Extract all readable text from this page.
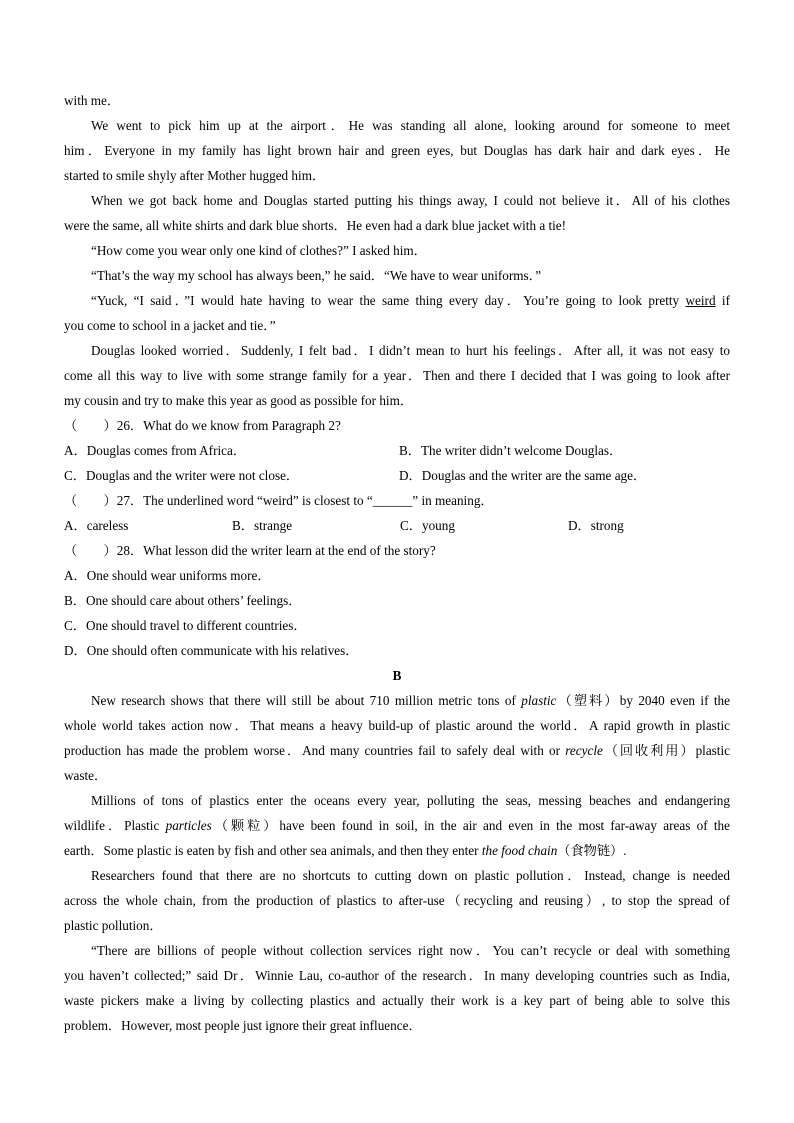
with me．
We went to pick him up at the airport．He was standing all alone, looking around for someone to meet
him．Everyone in my family has light brown hair and green eyes, but Douglas has dark hair and dark eyes．He
started to smile shyly after Mother hugged him．
When we got back home and Douglas started putting his things away, I could not believe it．All of his clothes
were the same, all white shirts and dark blue shorts．He even had a dark blue jacket with a tie!
“How come you wear only one kind of clothes?” I asked him．
“That’s the way my school has always been,” he said．“We have to wear uniforms．”
“Yuck, “I said．”I would hate having to wear the same thing every day．You’re going to look pretty weird if
you come to school in a jacket and tie．”
Douglas looked worried．Suddenly, I felt bad．I didn’t mean to hurt his feelings．After all, it was not easy to
come all this way to live with some strange family for a year．Then and there I decided that I was going to look after
my cousin and try to make this year as good as possible for him．
（　　）26．What do we know from Paragraph 2?
A．Douglas comes from Africa．	B．The writer didn’t welcome Douglas．
C．Douglas and the writer were not close．	D．Douglas and the writer are the same age．
（　　）27．The underlined word “weird” is closest to “______” in meaning．
A．careless	B．strange	C．young	D．strong
（　　）28．What lesson did the writer learn at the end of the story?
A．One should wear uniforms more．
B．One should care about others’ feelings．
C．One should travel to different countries．
D．One should often communicate with his relatives．
B
New research shows that there will still be about 710 million metric tons of plastic（塑料）by 2040 even if the
whole world takes action now．That means a heavy build-up of plastic around the world．A rapid growth in plastic
production has made the problem worse．And many countries fail to safely deal with or recycle（回收利用）plastic
waste．
Millions of tons of plastics enter the oceans every year, polluting the seas, messing beaches and endangering
wildlife．Plastic particles（颗粒）have been found in soil, in the air and even in the most far-away areas of the
earth．Some plastic is eaten by fish and other sea animals, and then they enter the food chain（食物链）.
Researchers found that there are no shortcuts to cutting down on plastic pollution．Instead, change is needed
across the whole chain, from the production of plastics to after-use（recycling and reusing）, to stop the spread of
plastic pollution．
“There are billions of people without collection services right now．You can’t recycle or deal with something
you haven’t collected;” said Dr．Winnie Lau, co-author of the research．In many developing countries such as India,
waste pickers make a living by collecting plastics and actually their work is a key part of being able to solve this
problem．However, most people just ignore their great influence．
